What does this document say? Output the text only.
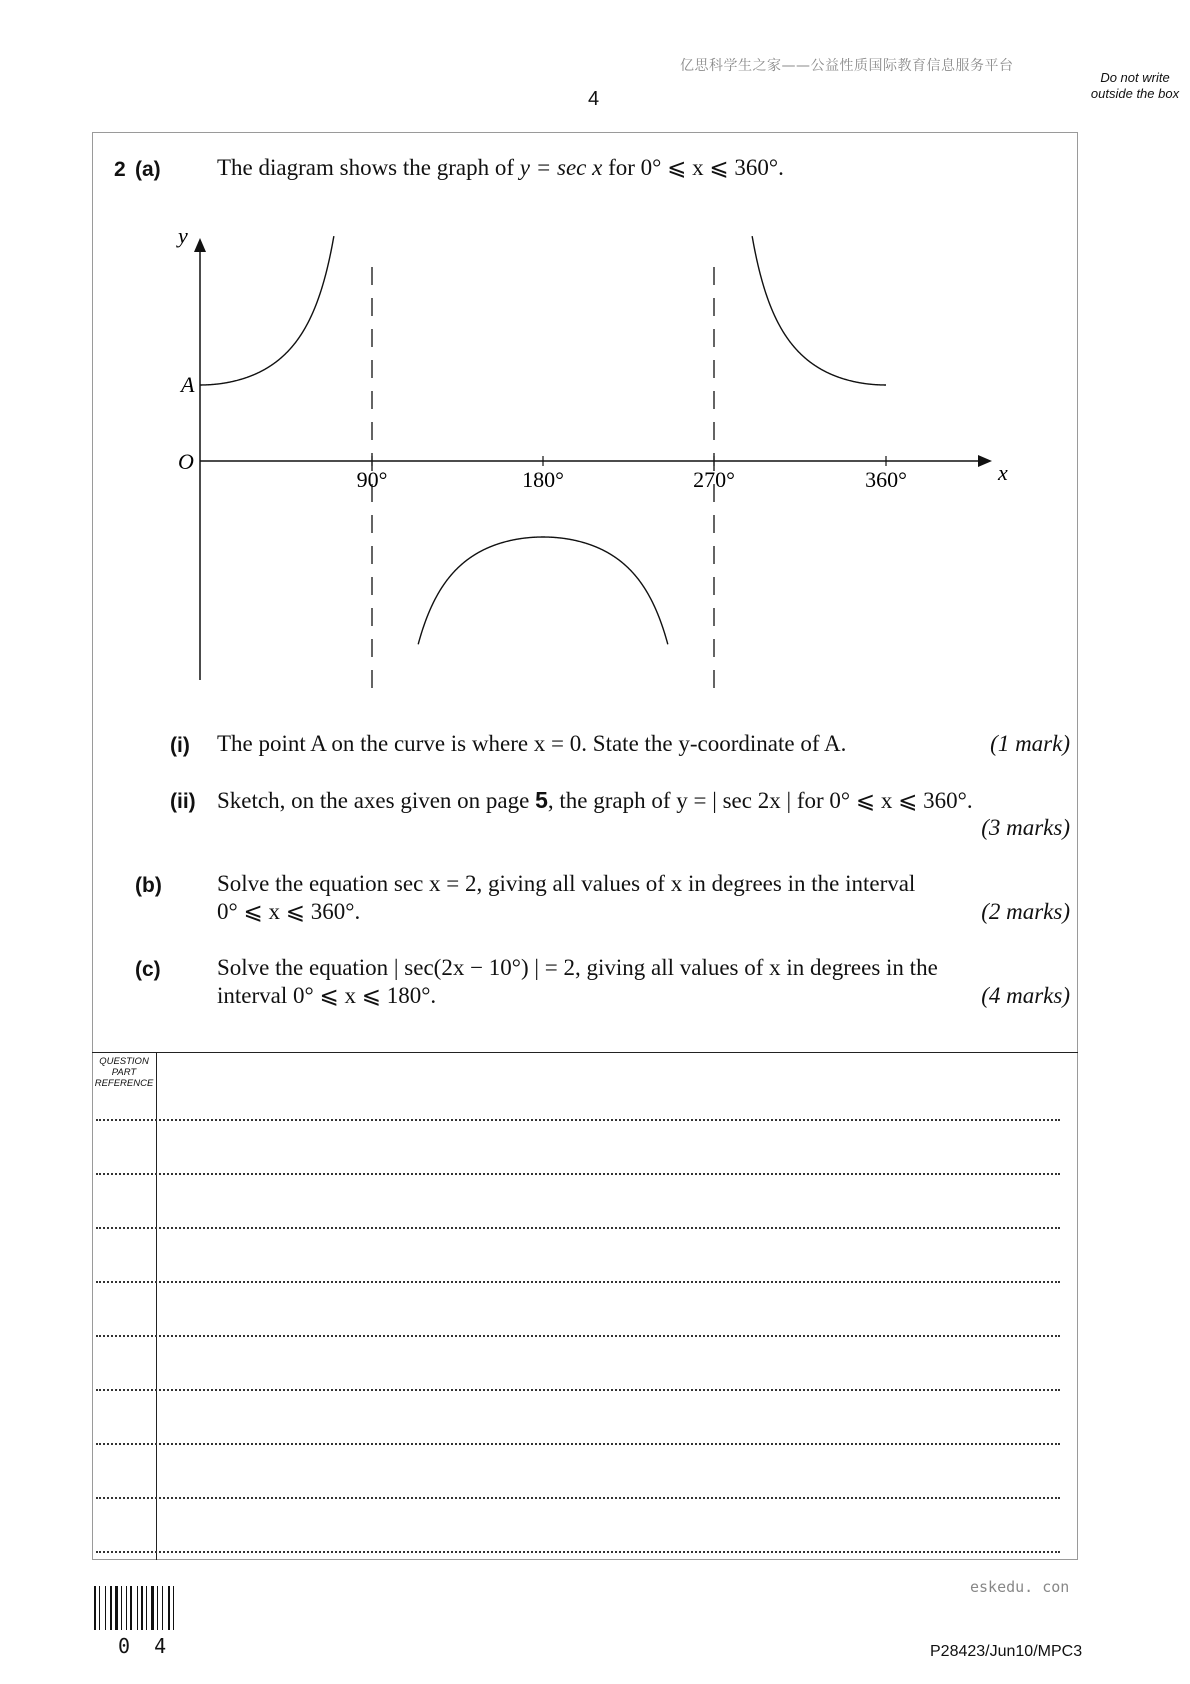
亿思科学生之家——公益性质国际教育信息服务平台
4
Do not write outside the box
2 (a) The diagram shows the graph of y = sec x for 0° ⩽ x ⩽ 360°.
y
x
O
A
90°	180°	270°	360°
(i) The point A on the curve is where x = 0. State the y-coordinate of A.	(1 mark)
(ii) Sketch, on the axes given on page 5, the graph of y = | sec 2x | for 0° ⩽ x ⩽ 360°.
(3 marks)
(b) Solve the equation sec x = 2, giving all values of x in degrees in the interval
0° ⩽ x ⩽ 360°.	(2 marks)
(c) Solve the equation | sec(2x − 10°) | = 2, giving all values of x in degrees in the
interval 0° ⩽ x ⩽ 180°.	(4 marks)
QUESTION PART REFERENCE
eskedu. con
0 4	P28423/Jun10/MPC3
